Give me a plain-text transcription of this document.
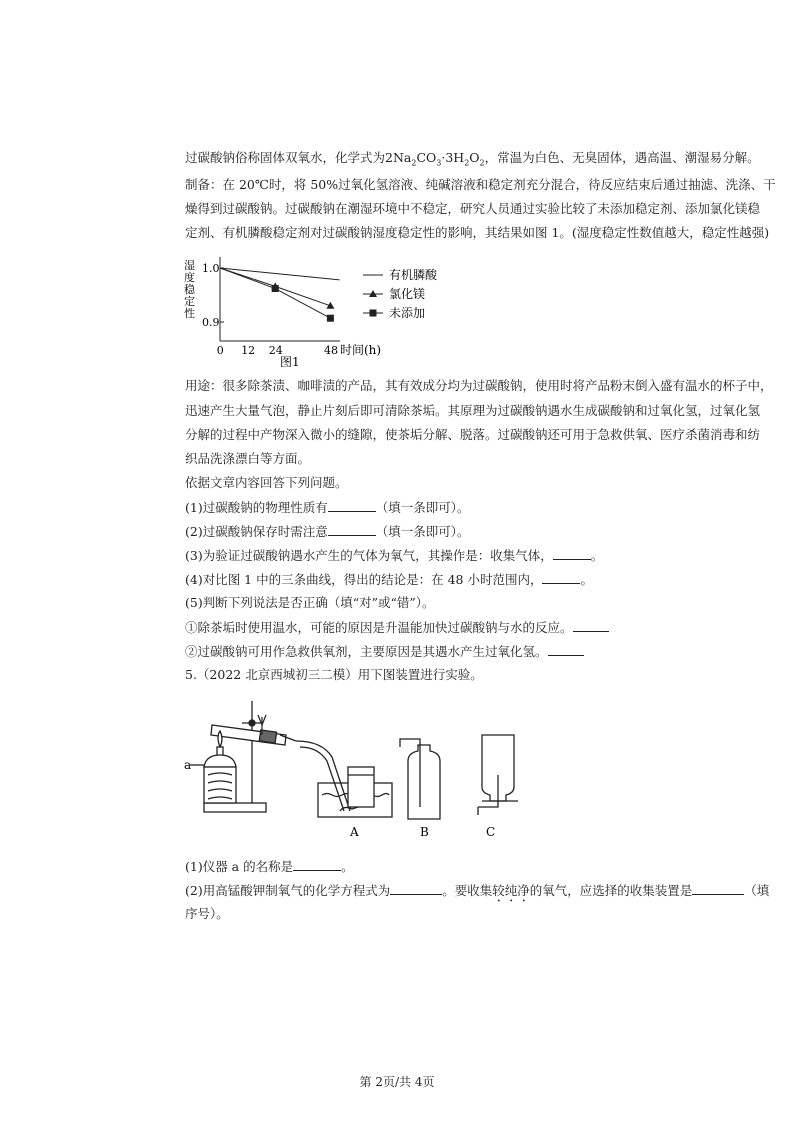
过碳酸钠俗称固体双氧水，化学式为$2Na_2CO_3\cdot 3H_2O_2$，常温为白色、无臭固体，遇高温、潮湿易分解。
制备：在 20℃时，将 50%过氧化氢溶液、纯碱溶液和稳定剂充分混合，待反应结束后通过抽滤、洗涤、干
燥得到过碳酸钠。过碳酸钠在潮湿环境中不稳定，研究人员通过实验比较了未添加稳定剂、添加氯化镁稳
定剂、有机膦酸稳定剂对过碳酸钠湿度稳定性的影响，其结果如图 1。(湿度稳定性数值越大，稳定性越强)
湿
度
稳
定
性
1.0
0.9
0 12 24	48
有机膦酸
氯化镁
未添加
时间(h)
图1
用途：很多除茶渍、咖啡渍的产品，其有效成分均为过碳酸钠，使用时将产品粉末倒入盛有温水的杯子中，
迅速产生大量气泡，静止片刻后即可清除茶垢。其原理为过碳酸钠遇水生成碳酸钠和过氧化氢，过氧化氢
分解的过程中产物深入微小的缝隙，使茶垢分解、脱落。过碳酸钠还可用于急救供氧、医疗杀菌消毒和纺
织品洗涤漂白等方面。
依据文章内容回答下列问题。
(1)过碳酸钠的物理性质有	（填一条即可）。
(2)过碳酸钠保存时需注意	（填一条即可）。
(3)为验证过碳酸钠遇水产生的气体为氧气，其操作是：收集气体，	。
(4)对比图 1 中的三条曲线，得出的结论是：在 48 小时范围内，	。
(5)判断下列说法是否正确（填“对”或“错”）。
①除茶垢时使用温水，可能的原因是升温能加快过碳酸钠与水的反应。
②过碳酸钠可用作急救供氧剂，主要原因是其遇水产生过氧化氢。
5.（2022 北京西城初三二模）用下图装置进行实验。
a
A	B	C
(1)仪器 a 的名称是	。
(2)用高锰酸钾制氧气的化学方程式为	。要收集较纯净的氧气，应选择的收集装置是	（填
序号）。
第 2页/共 4页
